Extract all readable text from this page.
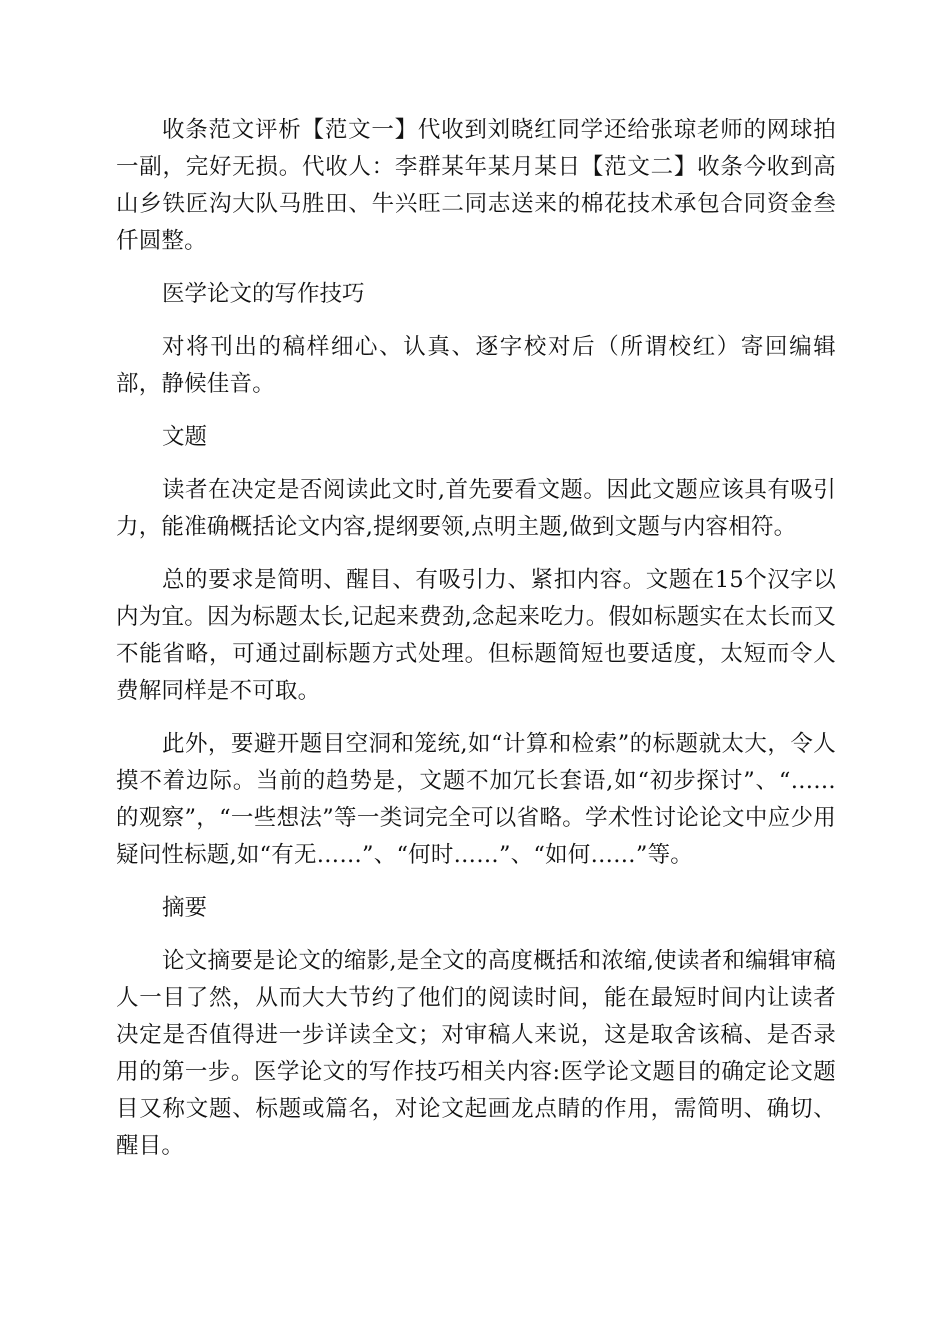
收条范文评析【范文一】代收到刘晓红同学还给张琼老师的网球拍一副，完好无损。代收人：李群某年某月某日【范文二】收条今收到高山乡铁匠沟大队马胜田、牛兴旺二同志送来的棉花技术承包合同资金叁仟圆整。

医学论文的写作技巧

对将刊出的稿样细心、认真、逐字校对后（所谓校红）寄回编辑部，静候佳音。

文题

读者在决定是否阅读此文时,首先要看文题。因此文题应该具有吸引力，能准确概括论文内容,提纲要领,点明主题,做到文题与内容相符。

总的要求是简明、醒目、有吸引力、紧扣内容。文题在15个汉字以内为宜。因为标题太长,记起来费劲,念起来吃力。假如标题实在太长而又不能省略，可通过副标题方式处理。但标题简短也要适度，太短而令人费解同样是不可取。

此外，要避开题目空洞和笼统,如“计算和检索”的标题就太大，令人摸不着边际。当前的趋势是，文题不加冗长套语,如“初步探讨”、“……的观察”，“一些想法”等一类词完全可以省略。学术性讨论论文中应少用疑问性标题,如“有无……”、“何时……”、“如何……”等。

摘要

论文摘要是论文的缩影,是全文的高度概括和浓缩,使读者和编辑审稿人一目了然，从而大大节约了他们的阅读时间，能在最短时间内让读者决定是否值得进一步详读全文；对审稿人来说，这是取舍该稿、是否录用的第一步。医学论文的写作技巧相关内容:医学论文题目的确定论文题目又称文题、标题或篇名，对论文起画龙点睛的作用，需简明、确切、醒目。
